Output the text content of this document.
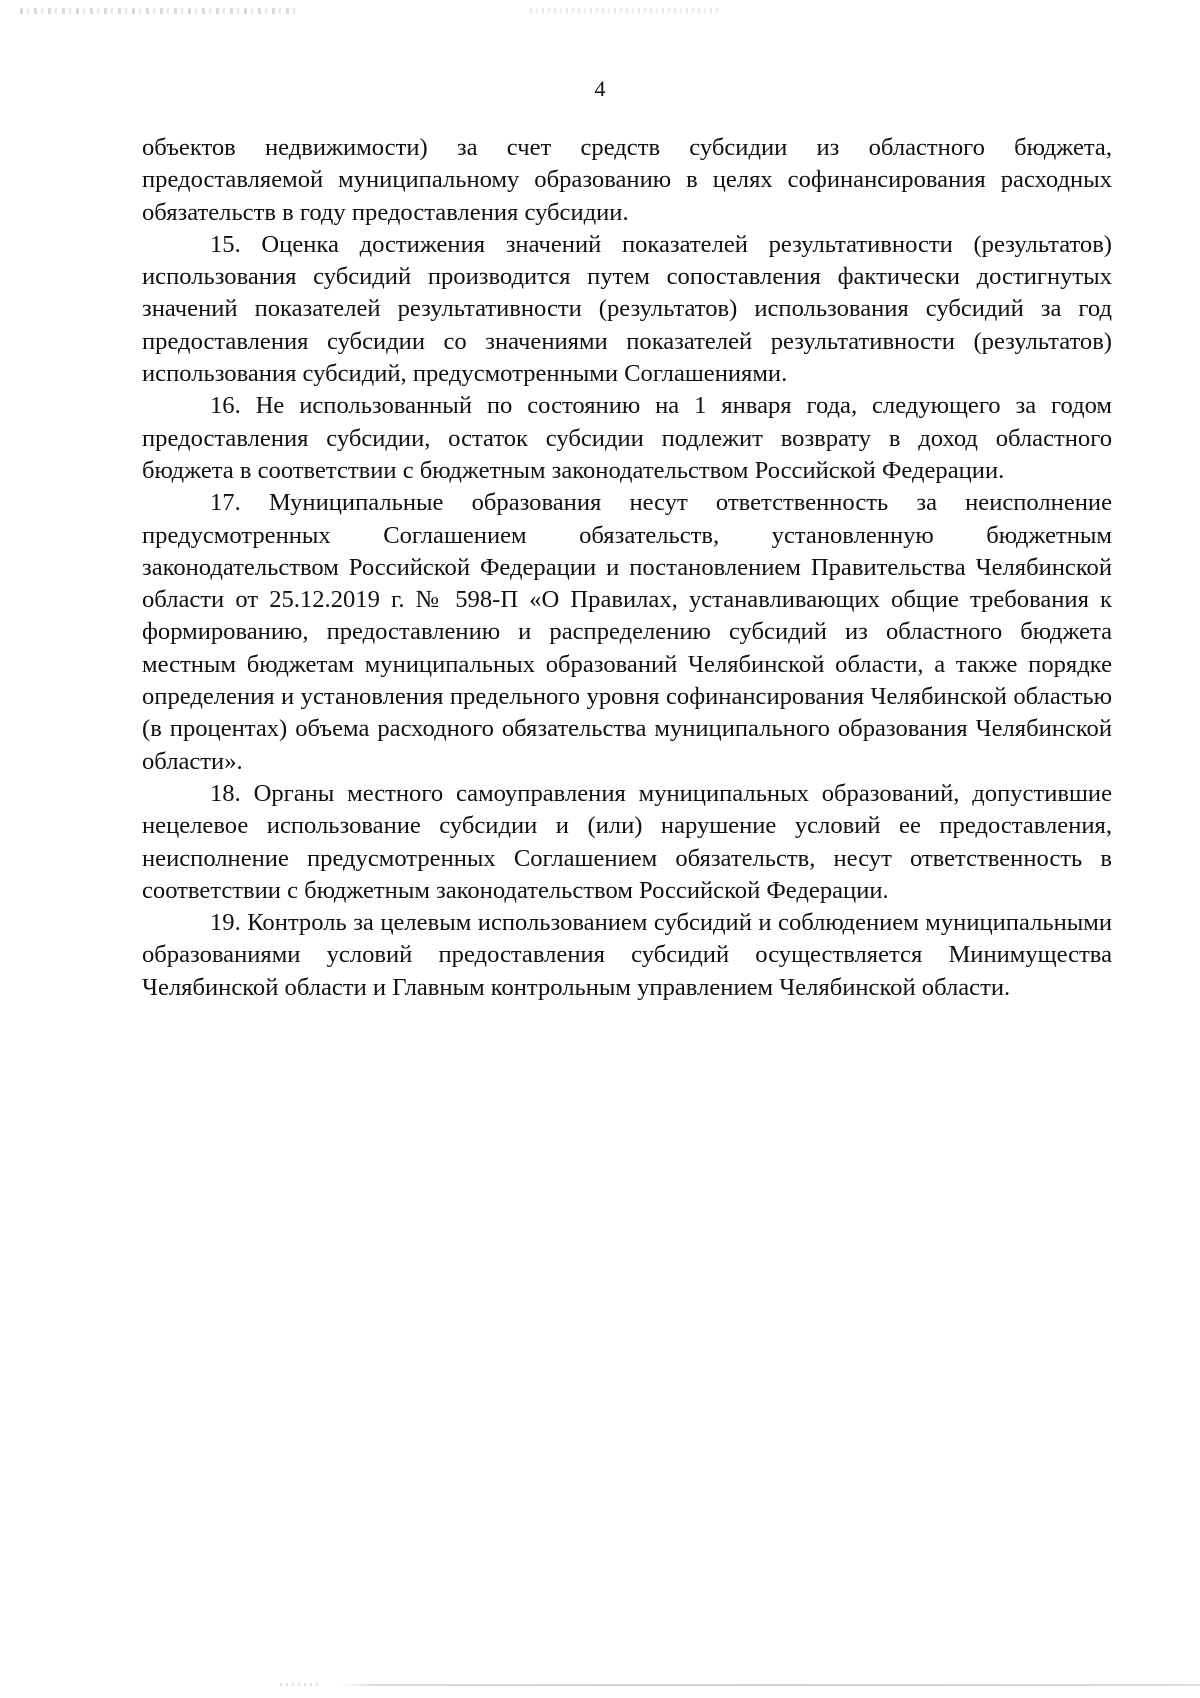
4

объектов недвижимости) за счет средств субсидии из областного бюджета, предоставляемой муниципальному образованию в целях софинансирования расходных обязательств в году предоставления субсидии.

15. Оценка достижения значений показателей результативности (результатов) использования субсидий производится путем сопоставления фактически достигнутых значений показателей результативности (результатов) использования субсидий за год предоставления субсидии со значениями показателей результативности (результатов) использования субсидий, предусмотренными Соглашениями.

16. Не использованный по состоянию на 1 января года, следующего за годом предоставления субсидии, остаток субсидии подлежит возврату в доход областного бюджета в соответствии с бюджетным законодательством Российской Федерации.

17. Муниципальные образования несут ответственность за неисполнение предусмотренных Соглашением обязательств, установленную бюджетным законодательством Российской Федерации и постановлением Правительства Челябинской области от 25.12.2019 г. № 598-П «О Правилах, устанавливающих общие требования к формированию, предоставлению и распределению субсидий из областного бюджета местным бюджетам муниципальных образований Челябинской области, а также порядке определения и установления предельного уровня софинансирования Челябинской областью (в процентах) объема расходного обязательства муниципального образования Челябинской области».

18. Органы местного самоуправления муниципальных образований, допустившие нецелевое использование субсидии и (или) нарушение условий ее предоставления, неисполнение предусмотренных Соглашением обязательств, несут ответственность в соответствии с бюджетным законодательством Российской Федерации.

19. Контроль за целевым использованием субсидий и соблюдением муниципальными образованиями условий предоставления субсидий осуществляется Минимущества Челябинской области и Главным контрольным управлением Челябинской области.
